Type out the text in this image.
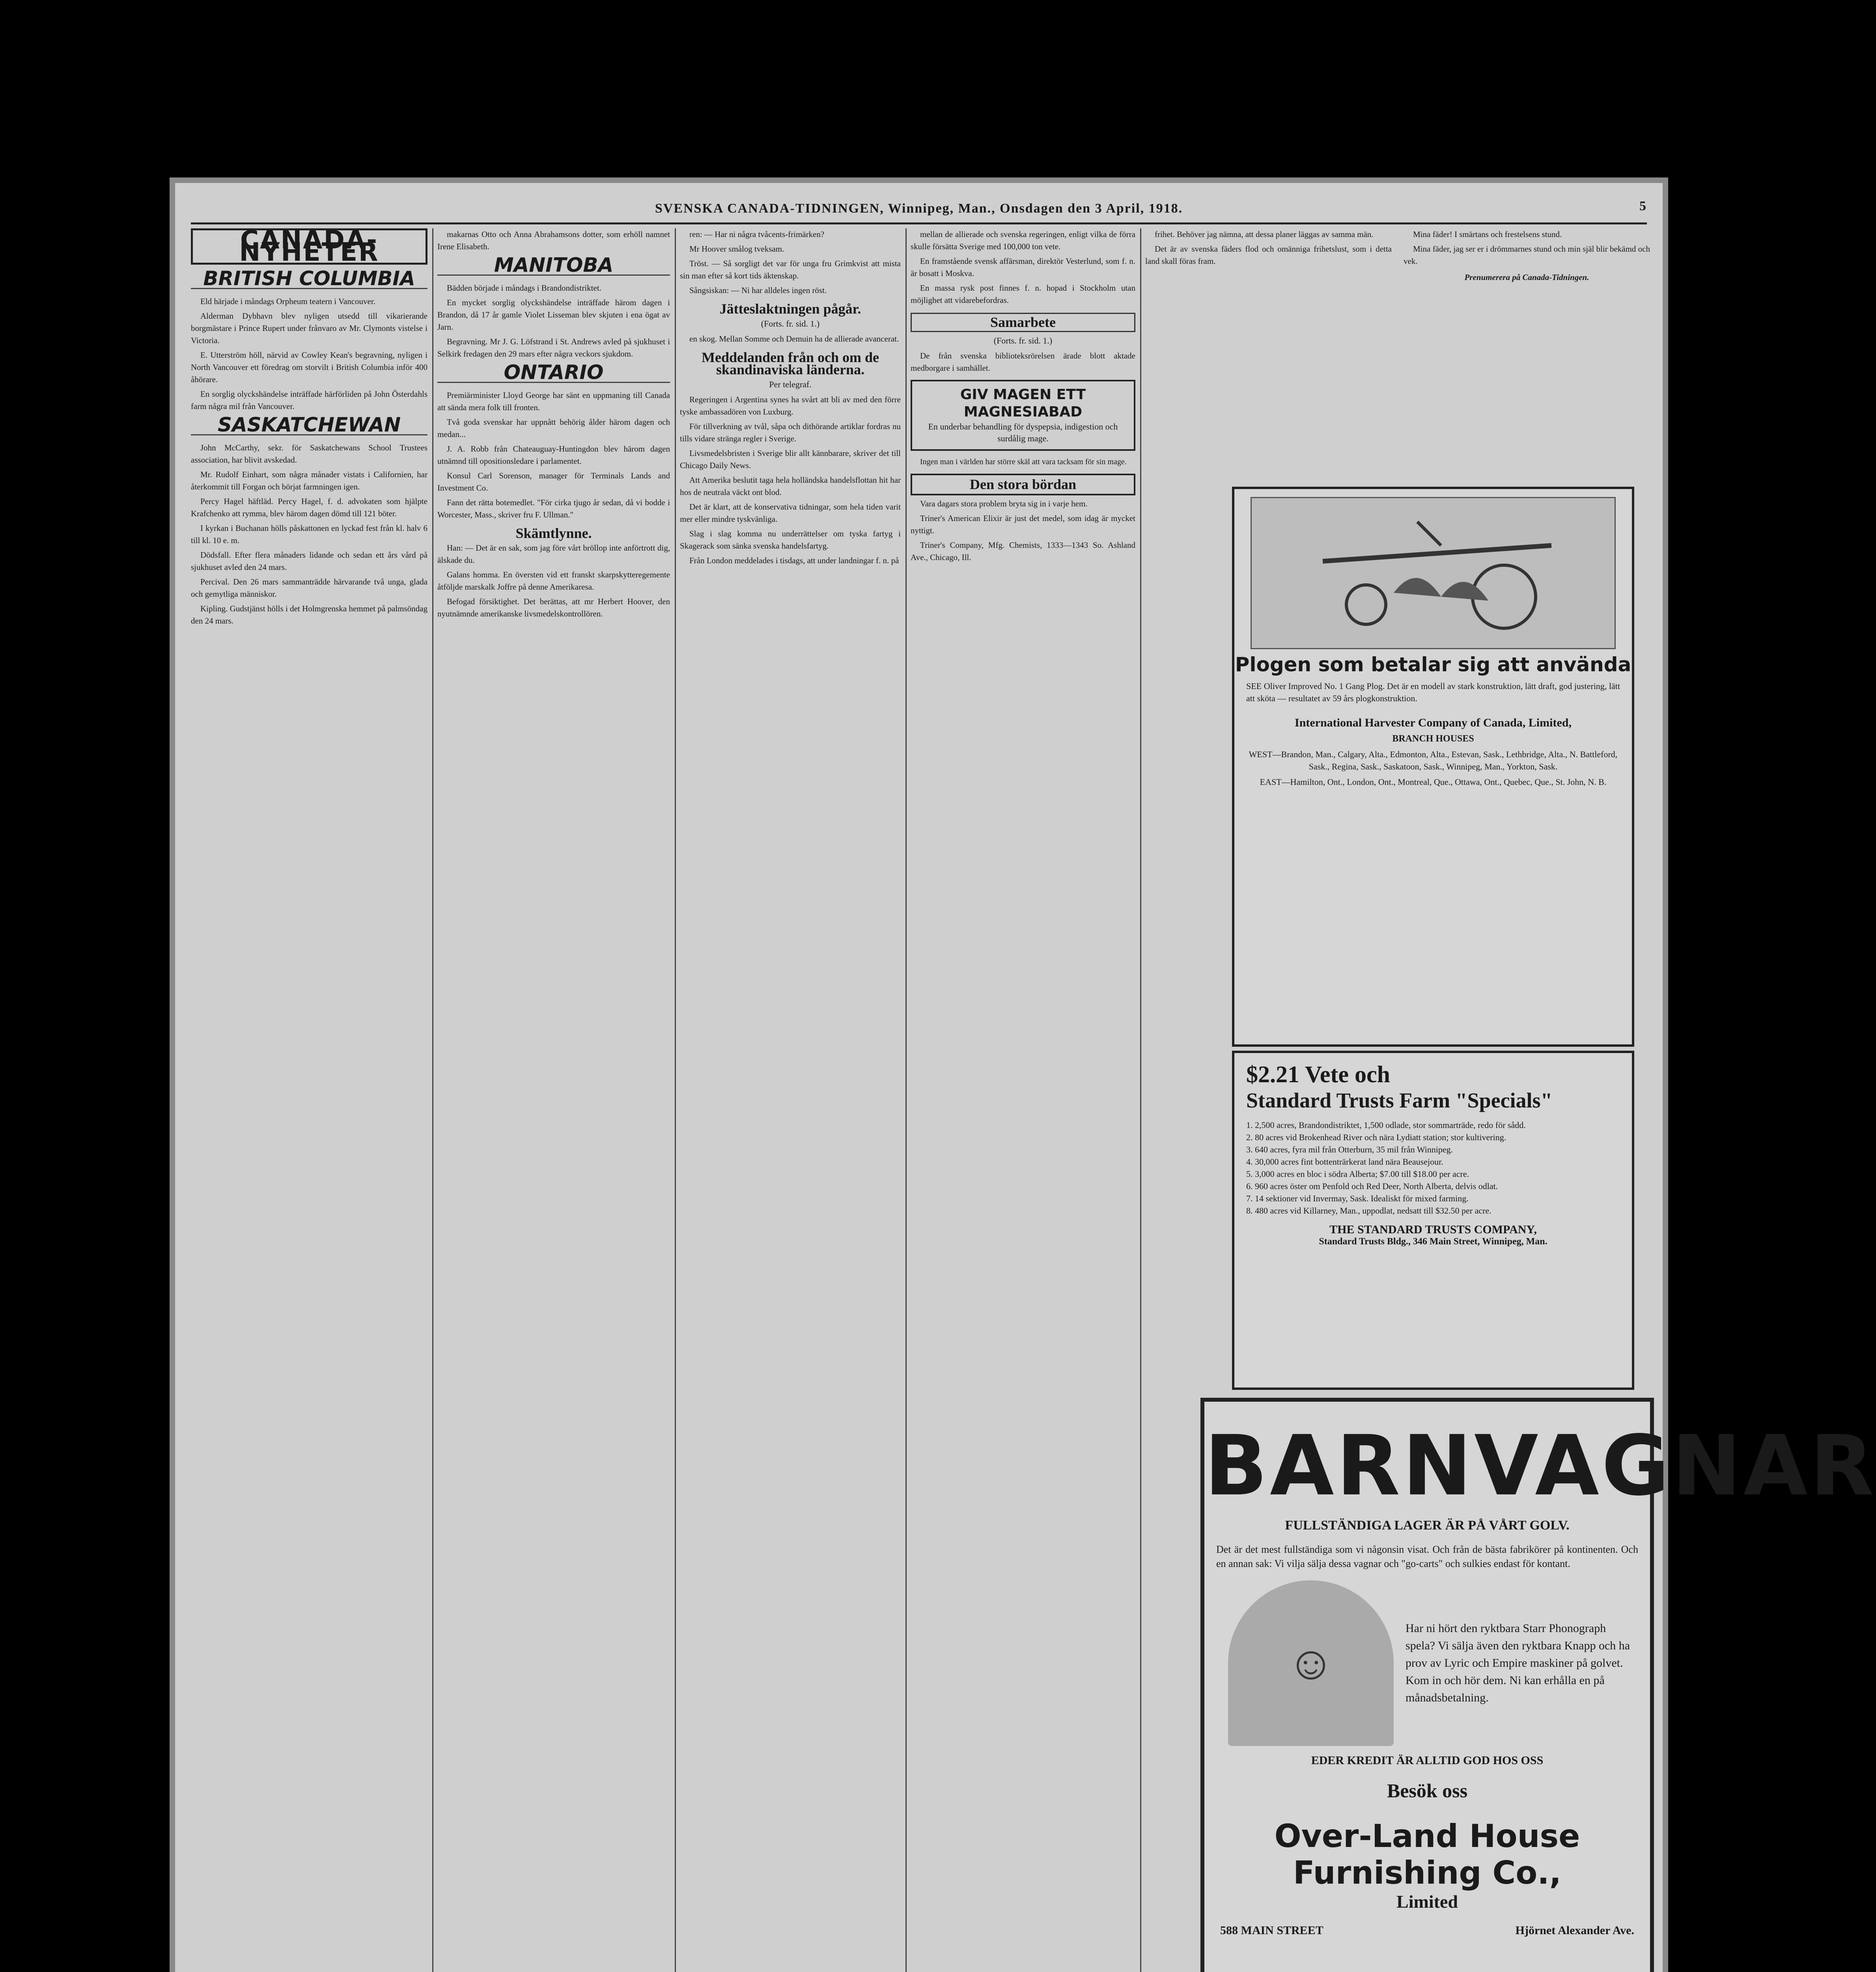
SVENSKA CANADA-TIDNINGEN, Winnipeg, Man., Onsdagen den 3 April, 1918.	5
CANADA-NYHETER
BRITISH COLUMBIA

Eld härjade i måndags Orpheum teatern i Vancouver.

Alderman Dybhavn blev nyligen utsedd till vikarierande borgmästare i Prince Rupert under frånvaro av Mr. Clymonts vistelse i Victoria.

E. Utterström höll, närvid av Cowley Kean's begravning, nyligen i North Vancouver ett föredrag om storvilt i British Columbia inför 400 åhörare.

En sorglig olyckshändelse inträffade härförliden på John Österdahls farm några mil från Vancouver.

SASKATCHEWAN

John McCarthy, sekr. för Saskatchewans School Trustees association, har blivit avskedad.

Mr. Rudolf Einhart, som några månader vistats i Californien, har återkommit till Forgan och börjat farmningen igen.

Percy Hagel häftläd. Percy Hagel, f. d. advokaten som hjälpte Krafchenko att rymma, blev härom dagen dömd till 121 böter.

I kyrkan i Buchanan hölls påskattonen en lyckad fest från kl. halv 6 till kl. 10 e. m.

Dödsfall. Efter flera månaders lidande och sedan ett års vård på sjukhuset avled den 24 mars.

Percival. Den 26 mars sammanträdde härvarande två unga, glada och gemytliga människor.

Kipling. Gudstjänst hölls i det Holmgrenska hemmet på palmsöndag den 24 mars.

makarnas Otto och Anna Abrahamsons dotter, som erhöll namnet Irene Elisabeth.

MANITOBA

Bädden började i måndags i Brandondistriktet.

En mycket sorglig olyckshändelse inträffade härom dagen i Brandon, då 17 år gamle Violet Lisseman blev skjuten i ena ögat av Jarn.

Begravning. Mr J. G. Löfstrand i St. Andrews avled på sjukhuset i Selkirk fredagen den 29 mars efter några veckors sjukdom.

ONTARIO

Premiärminister Lloyd George har sänt en uppmaning till Canada att sända mera folk till fronten.

Två goda svenskar har uppnått behörig ålder härom dagen och medan...

J. A. Robb från Chateauguay-Huntingdon blev härom dagen utnämnd till opositionsledare i parlamentet.

Konsul Carl Sorenson, manager för Terminals Lands and Investment Co.

Fann det rätta botemedlet. "För cirka tjugo år sedan, då vi bodde i Worcester, Mass., skriver fru F. Ullman."

Skämtlynne.

Han: — Det är en sak, som jag före vårt bröllop inte anförtrott dig, älskade du.

Galans homma. En översten vid ett franskt skarpskytteregemente åtföljde marskalk Joffre på denne Amerikaresa.

Befogad försiktighet. Det berättas, att mr Herbert Hoover, den nyutnämnde amerikanske livsmedelskontrollören.

ren: — Har ni några tvåcents-frimärken?

Mr Hoover smålog tveksam.

Tröst. — Så sorgligt det var för unga fru Grimkvist att mista sin man efter så kort tids äktenskap.

Sångsiskan: — Ni har alldeles ingen röst.

Jätteslaktningen pågår.
(Forts. fr. sid. 1.)

en skog. Mellan Somme och Demuin ha de allierade avancerat.

Meddelanden från och om de skandinaviska länderna.
Per telegraf.

Regeringen i Argentina synes ha svårt att bli av med den förre tyske ambassadören von Luxburg.

För tillverkning av tvål, såpa och dithörande artiklar fordras nu tills vidare stränga regler i Sverige.

Livsmedelsbristen i Sverige blir allt kännbarare, skriver det till Chicago Daily News.

Att Amerika beslutit taga hela holländska handelsflottan hit har hos de neutrala väckt ont blod.

Det är klart, att de konservativa tidningar, som hela tiden varit mer eller mindre tyskvänliga.

Slag i slag komma nu underrättelser om tyska fartyg i Skagerack som sänka svenska handelsfartyg.

Från London meddelades i tisdags, att under landningar f. n. på

mellan de allierade och svenska regeringen, enligt vilka de förra skulle försätta Sverige med 100,000 ton vete.

En framstående svensk affärsman, direktör Vesterlund, som f. n. är bosatt i Moskva.

En massa rysk post finnes f. n. hopad i Stockholm utan möjlighet att vidarebefordras.

Samarbete
(Forts. fr. sid. 1.)

De från svenska biblioteksrörelsen ärade blott aktade medborgare i samhället.

GIV MAGEN ETT MAGNESIABAD
En underbar behandling för dyspepsia, indigestion och surdålig mage.

Ingen man i världen har större skäl att vara tacksam för sin mage.

Den stora bördan

Vara dagars stora problem bryta sig in i varje hem.

Triner's American Elixir är just det medel, som idag är mycket nyttigt.

Triner's Company, Mfg. Chemists, 1333—1343 So. Ashland Ave., Chicago, Ill.

frihet. Behöver jag nämna, att dessa planer läggas av samma män.

Det är av svenska fäders flod och omänniga frihetslust, som i detta land skall föras fram.

Mina fäder! I smärtans och frestelsens stund.

Mina fäder, jag ser er i drömmarnes stund och min själ blir bekämd och vek.

Prenumerera på Canada-Tidningen.
Plogen som betalar sig att använda
SEE Oliver Improved No. 1 Gang Plog. Det är en modell av stark konstruktion, lätt draft, god justering, lätt att sköta — resultatet av 59 års plogkonstruktion.
International Harvester Company of Canada, Limited,
BRANCH HOUSES
WEST—Brandon, Man., Calgary, Alta., Edmonton, Alta., Estevan, Sask., Lethbridge, Alta., N. Battleford, Sask., Regina, Sask., Saskatoon, Sask., Winnipeg, Man., Yorkton, Sask.
EAST—Hamilton, Ont., London, Ont., Montreal, Que., Ottawa, Ont., Quebec, Que., St. John, N. B.
$2.21 Vete och
Standard Trusts Farm "Specials"
1. 2,500 acres, Brandondistriktet, 1,500 odlade, stor sommarträde, redo för sådd.
2. 80 acres vid Brokenhead River och nära Lydiatt station; stor kultivering.
3. 640 acres, fyra mil från Otterburn, 35 mil från Winnipeg.
4. 30,000 acres fint bottenträrkerat land nära Beausejour.
5. 3,000 acres en bloc i södra Alberta; $7.00 till $18.00 per acre.
6. 960 acres öster om Penfold och Red Deer, North Alberta, delvis odlat.
7. 14 sektioner vid Invermay, Sask. Idealiskt för mixed farming.
8. 480 acres vid Killarney, Man., uppodlat, nedsatt till $32.50 per acre.
THE STANDARD TRUSTS COMPANY,
Standard Trusts Bldg., 346 Main Street, Winnipeg, Man.
BARNVAGNAR
FULLSTÄNDIGA LAGER ÄR PÅ VÅRT GOLV.
Det är det mest fullständiga som vi någonsin visat. Och från de bästa fabrikörer på kontinenten. Och en annan sak: Vi vilja sälja dessa vagnar och "go-carts" och sulkies endast för kontant.
☺
Har ni hört den ryktbara Starr Phonograph spela? Vi sälja även den ryktbara Knapp och ha prov av Lyric och Empire maskiner på golvet. Kom in och hör dem. Ni kan erhålla en på månadsbetalning.
EDER KREDIT ÄR ALLTID GOD HOS OSS
Besök oss
Over-Land House Furnishing Co.,
Limited
588 MAIN STREET	Hjörnet Alexander Ave.
